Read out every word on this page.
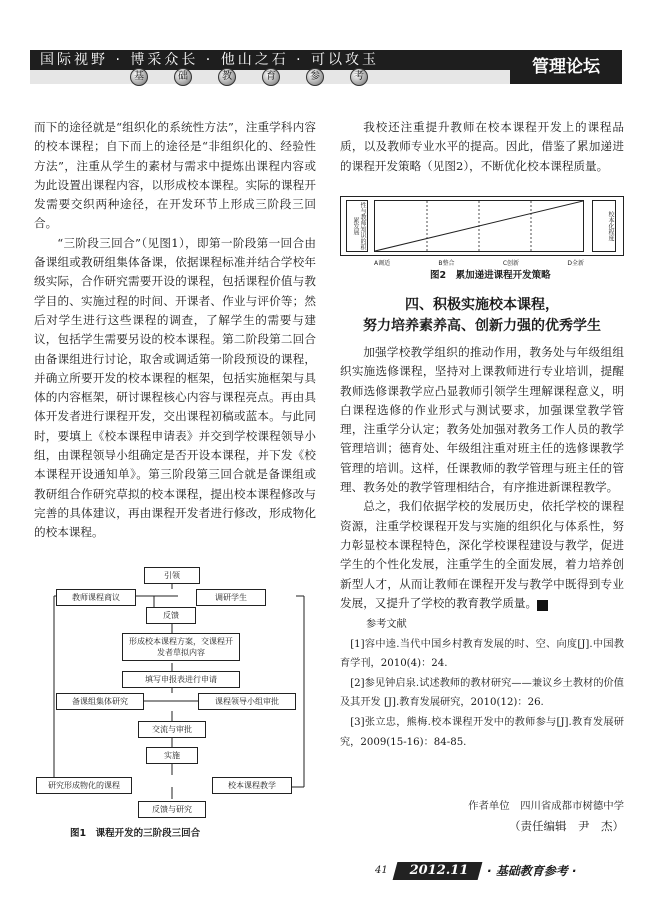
国际视野 · 博采众长 · 他山之石 · 可以攻玉	管理论坛
基	础	教	育	参	考

而下的途径就是“组织化的系统性方法”，注重学科内容的校本课程；自下而上的途径是“非组织化的、经验性方法”，注重从学生的素材与需求中提炼出课程内容或为此设置出课程内容，以形成校本课程。实际的课程开发需要交织两种途径，在开发环节上形成三阶段三回合。

“三阶段三回合”（见图1），即第一阶段第一回合由备课组或教研组集体备课，依据课程标准并结合学校年级实际，合作研究需要开设的课程，包括课程价值与教学目的、实施过程的时间、开课者、作业与评价等；然后对学生进行这些课程的调查，了解学生的需要与建议，包括学生需要另设的校本课程。第二阶段第二回合由备课组进行讨论，取舍或调适第一阶段预设的课程，并确立所要开发的校本课程的框架，包括实施框架与具体的内容框架，研讨课程核心内容与课程亮点。再由具体开发者进行课程开发，交出课程初稿或蓝本。与此同时，要填上《校本课程申请表》并交到学校课程领导小组，由课程领导小组确定是否开设本课程，并下发《校本课程开设通知单》。第三阶段第三回合就是备课组或教研组合作研究草拟的校本课程，提出校本课程修改与完善的具体建议，再由课程开发者进行修改，形成物化的校本课程。

引领
教师课程商议	调研学生
反馈
形成校本课程方案，交课程开发者草拟内容
填写申报表进行申请
备课组集体研究	课程领导小组审批
交流与审批
实施
研究形成物化的课程	校本课程教学
反馈与研究
图1　课程开发的三阶段三回合

我校还注重提升教师在校本课程开发上的课程品质，以及教师专业水平的提高。因此，借鉴了累加递进的课程开发策略（见图2），不断优化校本课程质量。

性与教师知识的积累发展	校本化程度
A调适	B整合	C创新	D全新
图2　累加递进课程开发策略
四、积极实施校本课程，
努力培养素养高、创新力强的优秀学生

加强学校教学组织的推动作用，教务处与年级组组织实施选修课程，坚持对上课教师进行专业培训，提醒教师选修课教学应凸显教师引领学生理解课程意义，明白课程选修的作业形式与测试要求，加强课堂教学管理，注重学分认定；教务处加强对教务工作人员的教学管理培训；德育处、年级组注重对班主任的选修课教学管理的培训。这样，任课教师的教学管理与班主任的管理、教务处的教学管理相结合，有序推进新课程教学。

总之，我们依据学校的发展历史，依托学校的课程资源，注重学校课程开发与实施的组织化与体系性，努力彰显校本课程特色，深化学校课程建设与教学，促进学生的个性化发展，注重学生的全面发展，着力培养创新型人才，从而让教师在课程开发与教学中既得到专业发展，又提升了学校的教育教学质量。	J

参考文献
[1]容中逵.当代中国乡村教育发展的时、空、向度[J].中国教育学刊，2010(4)：24.
[2]参见钟启泉.试述教师的教材研究——兼议乡土教材的价值及其开发 [J].教育发展研究，2010(12)：26.
[3]张立忠，熊梅.校本课程开发中的教师参与[J].教育发展研究，2009(15-16)：84-85.
作者单位　四川省成都市树德中学
（责任编辑　尹　杰）
41	2012.11	· 基础教育参考 ·
